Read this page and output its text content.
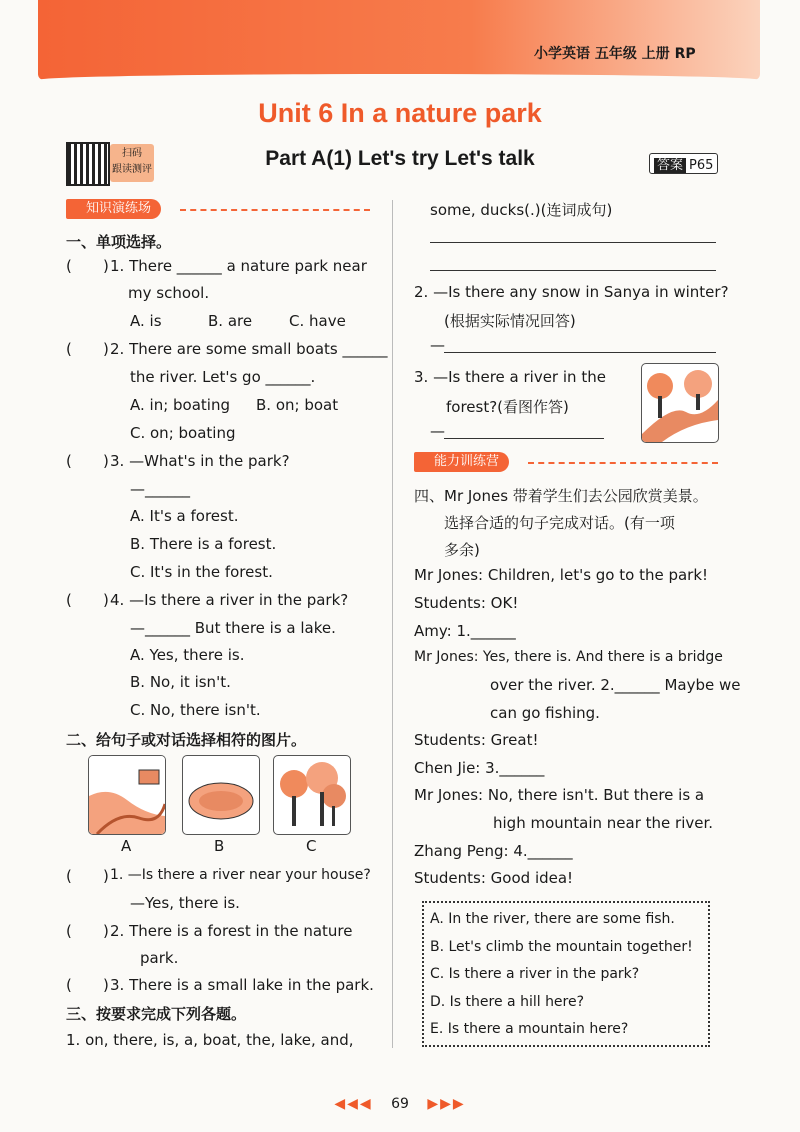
小学英语 五年级 上册 RP
Unit 6 In a nature park
扫码
跟读测评	Part A(1) Let's try Let's talk	答案 P65
知识演练场
能力训练营
一、单项选择。
( ) 1. There ______ a nature park near
my school.
A. is	B. are C. have
( ) 2. There are some small boats ______
the river. Let's go ______.
A. in; boating B. on; boat
C. on; boating
( ) 3. —What's in the park?
—______
A. It's a forest.
B. There is a forest.
C. It's in the forest.
( ) 4. —Is there a river in the park?
—______ But there is a lake.
A. Yes, there is.
B. No, it isn't.
C. No, there isn't.
二、给句子或对话选择相符的图片。
A	B	C
( ) 1. —Is there a river near your house?
—Yes, there is.
( ) 2. There is a forest in the nature
park.
( ) 3. There is a small lake in the park.
三、按要求完成下列各题。
1. on, there, is, a, boat, the, lake, and,
some, ducks(.)(连词成句)
2. —Is there any snow in Sanya in winter?
(根据实际情况回答)
—
3. —Is there a river in the
forest?(看图作答)
—
四、Mr Jones 带着学生们去公园欣赏美景。
选择合适的句子完成对话。(有一项
多余)
Mr Jones: Children, let's go to the park!
Students: OK!
Amy: 1.______
Mr Jones: Yes, there is. And there is a bridge
over the river. 2.______ Maybe we
can go fishing.
Students: Great!
Chen Jie: 3.______
Mr Jones: No, there isn't. But there is a
high mountain near the river.
Zhang Peng: 4.______
Students: Good idea!
A. In the river, there are some fish.
B. Let's climb the mountain together!
C. Is there a river in the park?
D. Is there a hill here?
E. Is there a mountain here?
◀◀◀ 69 ▶▶▶
